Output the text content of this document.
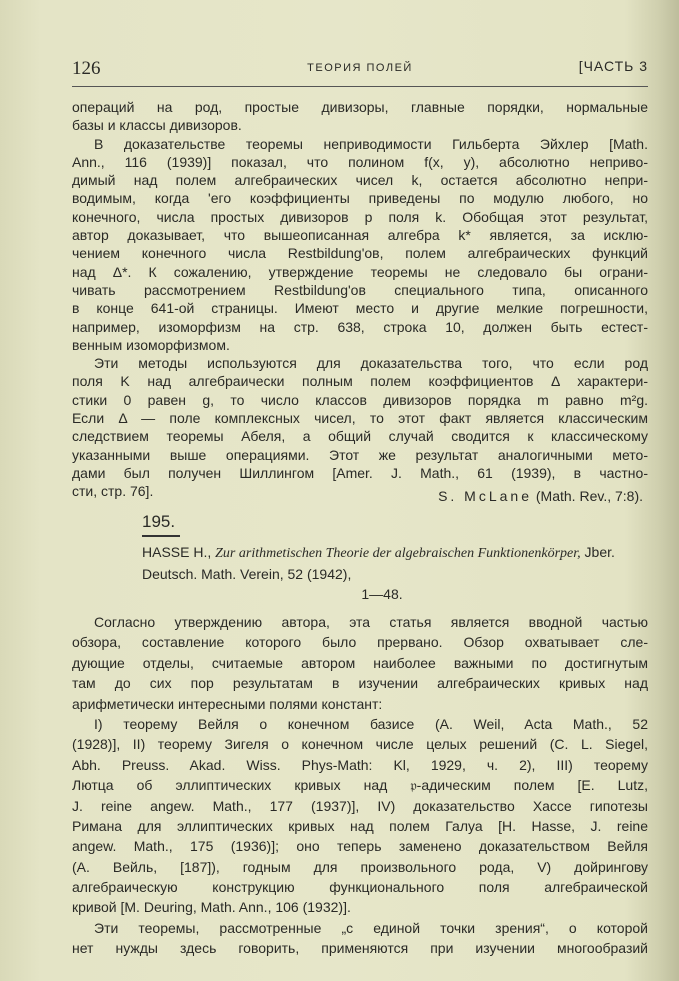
126	ТЕОРИЯ ПОЛЕЙ	[ЧАСТЬ 3
операций на род, простые дивизоры, главные порядки, нормальные
базы и классы дивизоров.
В доказательстве теоремы неприводимости Гильберта Эйхлер [Math.
Ann., 116 (1939)] показал, что полином f(x, y), абсолютно неприво-
димый над полем алгебраических чисел k, остается абсолютно непри-
водимым, когда 'его коэффициенты приведены по модулю любого, но
конечного, числа простых дивизоров p поля k. Обобщая этот результат,
автор доказывает, что вышеописанная алгебра k* является, за исклю-
чением конечного числа Restbildung'ов, полем алгебраических функций
над Δ*. К сожалению, утверждение теоремы не следовало бы ограни-
чивать рассмотрением Restbildung'ов специального типа, описанного
в конце 641-ой страницы. Имеют место и другие мелкие погрешности,
например, изоморфизм на стр. 638, строка 10, должен быть естест-
венным изоморфизмом.
Эти методы используются для доказательства того, что если род
поля K над алгебраически полным полем коэффициентов Δ характери-
стики 0 равен g, то число классов дивизоров порядка m равно m²g.
Если Δ — поле комплексных чисел, то этот факт является классическим
следствием теоремы Абеля, а общий случай сводится к классическому
указанными выше операциями. Этот же результат аналогичными мето-
дами был получен Шиллингом [Amer. J. Math., 61 (1939), в частно-
сти, стр. 76].	S. McLane (Math. Rev., 7:8).
195.
HASSE H., Zur arithmetischen Theorie der algebraischen Funktionenkörper, Jber. Deutsch. Math. Verein, 52 (1942),
1—48.
Согласно утверждению автора, эта статья является вводной частью
обзора, составление которого было прервано. Обзор охватывает сле-
дующие отделы, считаемые автором наиболее важными по достигнутым
там до сих пор результатам в изучении алгебраических кривых над
арифметически интересными полями констант:
I) теорему Вейля о конечном базисе (A. Weil, Acta Math., 52
(1928)], II) теорему Зигеля о конечном числе целых решений (C. L. Siegel,
Abh. Preuss. Akad. Wiss. Phys-Math: Kl, 1929, ч. 2), III) теорему
Лютца об эллиптических кривых над 𝔭-адическим полем [E. Lutz,
J. reine angew. Math., 177 (1937)], IV) доказательство Хассе гипотезы
Римана для эллиптических кривых над полем Галуа [H. Hasse, J. reine
angew. Math., 175 (1936)]; оно теперь заменено доказательством Вейля
(A. Вейль, [187]), годным для произвольного рода, V) дойрингову
алгебраическую конструкцию функционального поля алгебраической
кривой [M. Deuring, Math. Ann., 106 (1932)].
Эти теоремы, рассмотренные „с единой точки зрения“, о которой
нет нужды здесь говорить, применяются при изучении многообразий
